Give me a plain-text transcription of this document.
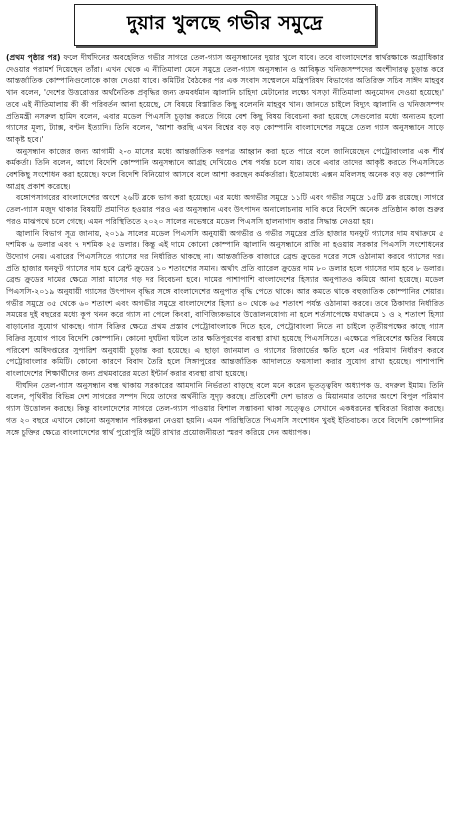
দুয়ার খুলছে গভীর সমুদ্রে

(প্রথম পৃষ্ঠার পর) ফলে দীর্ঘদিনের অবহেলিত গভীর সাগরে তেল-গ্যাস অনুসন্ধানের দুয়ার খুলে যাবে। তবে বাংলাদেশের স্বার্থরক্ষাকে অগ্রাধিকার দেওয়ার পরামর্শ দিয়েছেন তাঁরা। এখন থেকে এ নীতিমালা মেনে সমুদ্রে তেল-গ্যাস অনুসন্ধান ও আবিষ্কৃত খনিজসম্পদের অংশীদারত্ব চূড়ান্ত করে আন্তর্জাতিক কোম্পানিগুলোকে কাজ দেওয়া যাবে। কমিটির বৈঠকের পর এক সংবাদ সম্মেলনে মন্ত্রিপরিষদ বিভাগের অতিরিক্ত সচিব সাঈদ মাহবুব খান বলেন, 'দেশের উত্তরোত্তর অর্থনৈতিক প্রবৃদ্ধির জন্য ক্রমবর্ধমান জ্বালানি চাহিদা মেটানোর লক্ষ্যে খসড়া নীতিমালা অনুমোদন দেওয়া হয়েছে।' তবে এই নীতিমালায় কী কী পরিবর্তন আনা হয়েছে, সে বিষয়ে বিস্তারিত কিছু বলেননি মাহবুব খান। জানতে চাইলে বিদ্যুৎ জ্বালানি ও খনিজসম্পদ প্রতিমন্ত্রী নসরুল হামিদ বলেন, এবার মডেল পিএসসি চূড়ান্ত করতে গিয়ে বেশ কিছু বিষয় বিবেচনা করা হয়েছে সেগুলোর মধ্যে অন্যতম হলো গ্যাসের মূল্য, ট্যাক্স, বণ্টন ইত্যাদি। তিনি বলেন, 'আশা করছি এখন বিশ্বের বড় বড় কোম্পানি বাংলাদেশের সমুদ্রে তেল গ্যাস অনুসন্ধানে সাড়ে আকৃষ্ট হবে।'

অনুসন্ধান কাজের জন্য আগামী ২-৩ মাসের মধ্যে আন্তর্জাতিক দরপত্র আহ্বান করা হতে পারে বলে জানিয়েছেন পেট্রোবাংলার এক শীর্ষ কর্মকর্তা। তিনি বলেন, আগে বিদেশি কোম্পানি অনুসন্ধানে আগ্রহ দেখিয়েও শেষ পর্যন্ত চলে যায়। তবে এবার তাদের আকৃষ্ট করতে পিএসসিতে বেশকিছু সংশোধন করা হয়েছে। ফলে বিদেশি বিনিয়োগ আসবে বলে আশা করছেন কর্মকর্তারা। ইতোমধ্যে এক্সন মবিলসহ অনেক বড় বড় কোম্পানি আগ্রহ প্রকাশ করেছে।

বঙ্গোপসাগরের বাংলাদেশের অংশে ২৬টি ব্লকে ভাগ করা হয়েছে। এর মধ্যে অগভীর সমুদ্রে ১১টি এবং গভীর সমুদ্রে ১৫টি ব্লক রয়েছে। সাগরে তেল-গ্যাস মজুদ থাকার বিষয়টি প্রমাণিত হওয়ার পরও এর অনুসন্ধান এবং উৎপাদন অনালোচনায় দাবি করে বিদেশি অনেক প্রতিষ্ঠান কাজ শুরুর পরও মাঝপথে চলে গেছে। এমন পরিস্থিতিতে ২০২০ সালের নভেম্বরে মডেল পিএসসি হালনাগাদ করার সিদ্ধান্ত নেওয়া হয়।

জ্বালানি বিভাগ সূত্র জানায়, ২০১৯ সালের মডেল পিএসসি অনুযায়ী অগভীর ও গভীর সমুদ্রের প্রতি হাজার ঘনফুট গ্যাসের দাম যথাক্রমে ৫ দশমিক ৬ ডলার এবং ৭ দশমিক ২৫ ডলার। কিন্তু এই দামে কোনো কোম্পানি জ্বালানি অনুসন্ধানে রাজি না হওয়ায় সরকার পিএসসি সংশোধনের উদ্যোগ নেয়। এবারের পিএসসিতে গ্যাসের দর নির্ধারিত থাকছে না। আন্তর্জাতিক বাজারে ব্রেন্ড ক্রুডের দরের সঙ্গে ওঠানামা করবে গ্যাসের দর। প্রতি হাজার ঘনফুট গ্যাসের দাম হবে ব্রেন্ট ক্রুডের ১০ শতাংশের সমান। অর্থাৎ প্রতি ব্যারেল ক্রুডের দাম ৮০ ডলার হলে গ্যাসের দাম হবে ৮ ডলার। ব্রেন্ড ক্রুডের দামের ক্ষেত্রে সারা মাসের গড় দর বিবেচনা হবে। দামের পাশাপাশি বাংলাদেশের হিস্যার অনুপাতও কমিয়ে আনা হয়েছে। মডেল পিএসসি-২০১৯ অনুযায়ী গ্যাসের উৎপাদন বৃদ্ধির সঙ্গে বাংলাদেশের অনুপাত বৃদ্ধি পেতে থাকে। আর কমতে থাকে বহুজাতিক কোম্পানির শেয়ার। গভীর সমুদ্রে ৩৫ থেকে ৬০ শতাংশ এবং অগভীর সমুদ্রে বাংলাদেশের হিস্যা ৪০ থেকে ৬৫ শতাংশ পর্যন্ত ওঠানামা করবে। তবে ঠিকাদার নির্ধারিত সময়ের দুই বছরের মধ্যে কূপ খনন করে গ্যাস না পেলে কিংবা, বাণিজ্যিকভাবে উত্তোলনযোগ্য না হলে শর্তসাপেক্ষে যথাক্রমে ১ ও ২ শতাংশ হিস্যা বাড়ানোর সুযোগ থাকছে। গ্যাস বিক্রির ক্ষেত্রে প্রথম প্রস্তাব পেট্রোবাংলাকে দিতে হবে, পেট্রোবাংলা নিতে না চাইলে তৃতীয়পক্ষের কাছে গ্যাস বিক্রির সুযোগ পাবে বিদেশি কোম্পানি। কোনো দুর্ঘটনা ঘটলে তার ক্ষতিপূরণের ব্যবস্থা রাখা হয়েছে পিএসসিতে। এক্ষেত্রে পরিবেশের ক্ষতির বিষয়ে পরিবেশ অধিদপ্তরের সুপারিশ অনুযায়ী চূড়ান্ত করা হয়েছে। এ ছাড়া জানমাল ও গ্যাসের রিজার্ভের ক্ষতি হলে এর পরিমাণ নির্ধারণ করবে পেট্রোবাংলার কমিটি। কোনো কারণে বিবাদ তৈরি হলে সিঙ্গাপুরের আন্তর্জাতিক আদালতে ফয়সালা করার সুযোগ রাখা হয়েছে। পাশাপাশি বাংলাদেশের শিক্ষার্থীদের জন্য প্রথমবারের মতো ইন্টার্ন করার ব্যবস্থা রাখা হয়েছে।

দীর্ঘদিন তেল-গ্যাস অনুসন্ধান বন্ধ থাকায় সরকারের আমদানি নির্ভরতা বাড়ছে বলে মনে করেন ভূতত্ত্ববিদ অধ্যাপক ড. বদরুল ইমাম। তিনি বলেন, পৃথিবীর বিভিন্ন দেশ সাগরের সম্পদ দিয়ে তাদের অর্থনীতি সুদৃঢ় করছে। প্রতিবেশী দেশ ভারত ও মিয়ানমার তাদের অংশে বিপুল পরিমাণ গ্যাস উত্তোলন করছে। কিন্তু বাংলাদেশের সাগরে তেল-গ্যাস পাওয়ার বিশাল সম্ভাবনা থাকা সত্ত্বেও সেখানে একধরনের স্থবিরতা বিরাজ করছে। গত ২০ বছরে এখানে কোনো অনুসন্ধান পরিকল্পনা নেওয়া হয়নি। এমন পরিস্থিতিতে পিএসসি সংশোধন খুবই ইতিবাচক। তবে বিদেশি কোম্পানির সঙ্গে চুক্তির ক্ষেত্রে বাংলাদেশের স্বার্থ পুরোপুরি অটুট রাখার প্রয়োজনীয়তা স্মরণ করিয়ে দেন অধ্যাপক।
